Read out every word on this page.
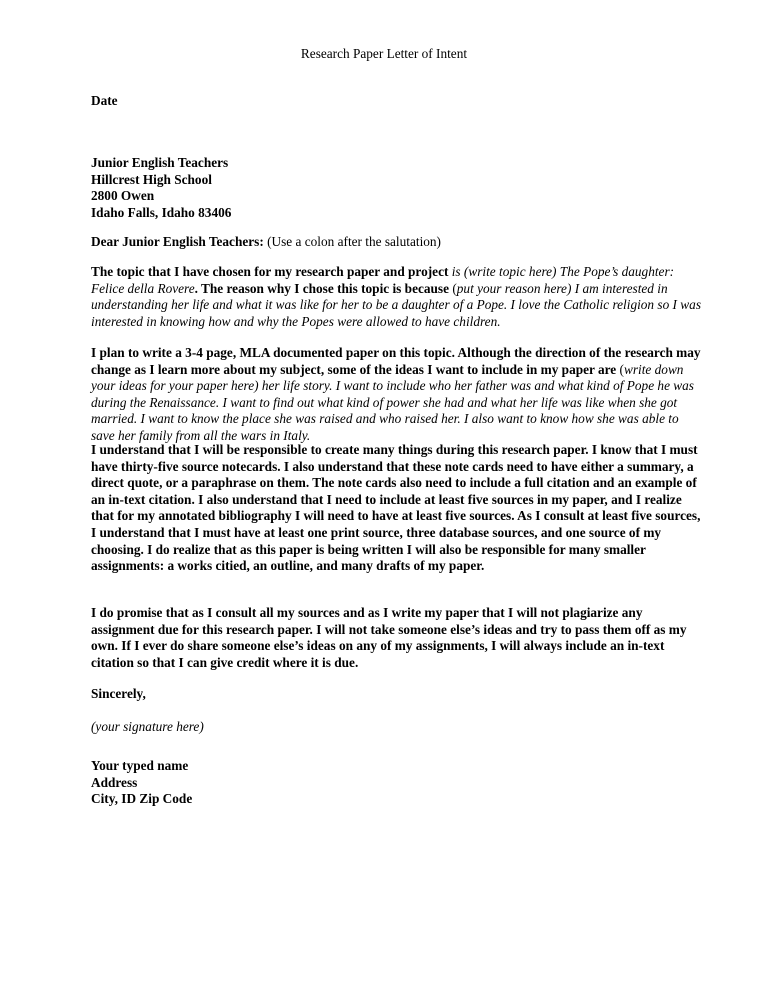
Research Paper Letter of Intent
Date
Junior English Teachers
Hillcrest High School
2800 Owen
Idaho Falls, Idaho 83406
Dear Junior English Teachers: (Use a colon after the salutation)

The topic that I have chosen for my research paper and project is (write topic here) The Pope’s daughter: Felice della Rovere. The reason why I chose this topic is because (put your reason here) I am interested in understanding her life and what it was like for her to be a daughter of a Pope. I love the Catholic religion so I was interested in knowing how and why the Popes were allowed to have children.

I plan to write a 3-4 page, MLA documented paper on this topic. Although the direction of the research may change as I learn more about my subject, some of the ideas I want to include in my paper are (write down your ideas for your paper here) her life story. I want to include who her father was and what kind of Pope he was during the Renaissance. I want to find out what kind of power she had and what her life was like when she got married. I want to know the place she was raised and who raised her. I also want to know how she was able to save her family from all the wars in Italy.

I understand that I will be responsible to create many things during this research paper. I know that I must have thirty-five source notecards. I also understand that these note cards need to have either a summary, a direct quote, or a paraphrase on them. The note cards also need to include a full citation and an example of an in-text citation. I also understand that I need to include at least five sources in my paper, and I realize that for my annotated bibliography I will need to have at least five sources. As I consult at least five sources, I understand that I must have at least one print source, three database sources, and one source of my choosing. I do realize that as this paper is being written I will also be responsible for many smaller assignments: a works citied, an outline, and many drafts of my paper.

I do promise that as I consult all my sources and as I write my paper that I will not plagiarize any assignment due for this research paper. I will not take someone else’s ideas and try to pass them off as my own. If I ever do share someone else’s ideas on any of my assignments, I will always include an in-text citation so that I can give credit where it is due.

Sincerely,
(your signature here)
Your typed name
Address
City, ID Zip Code
